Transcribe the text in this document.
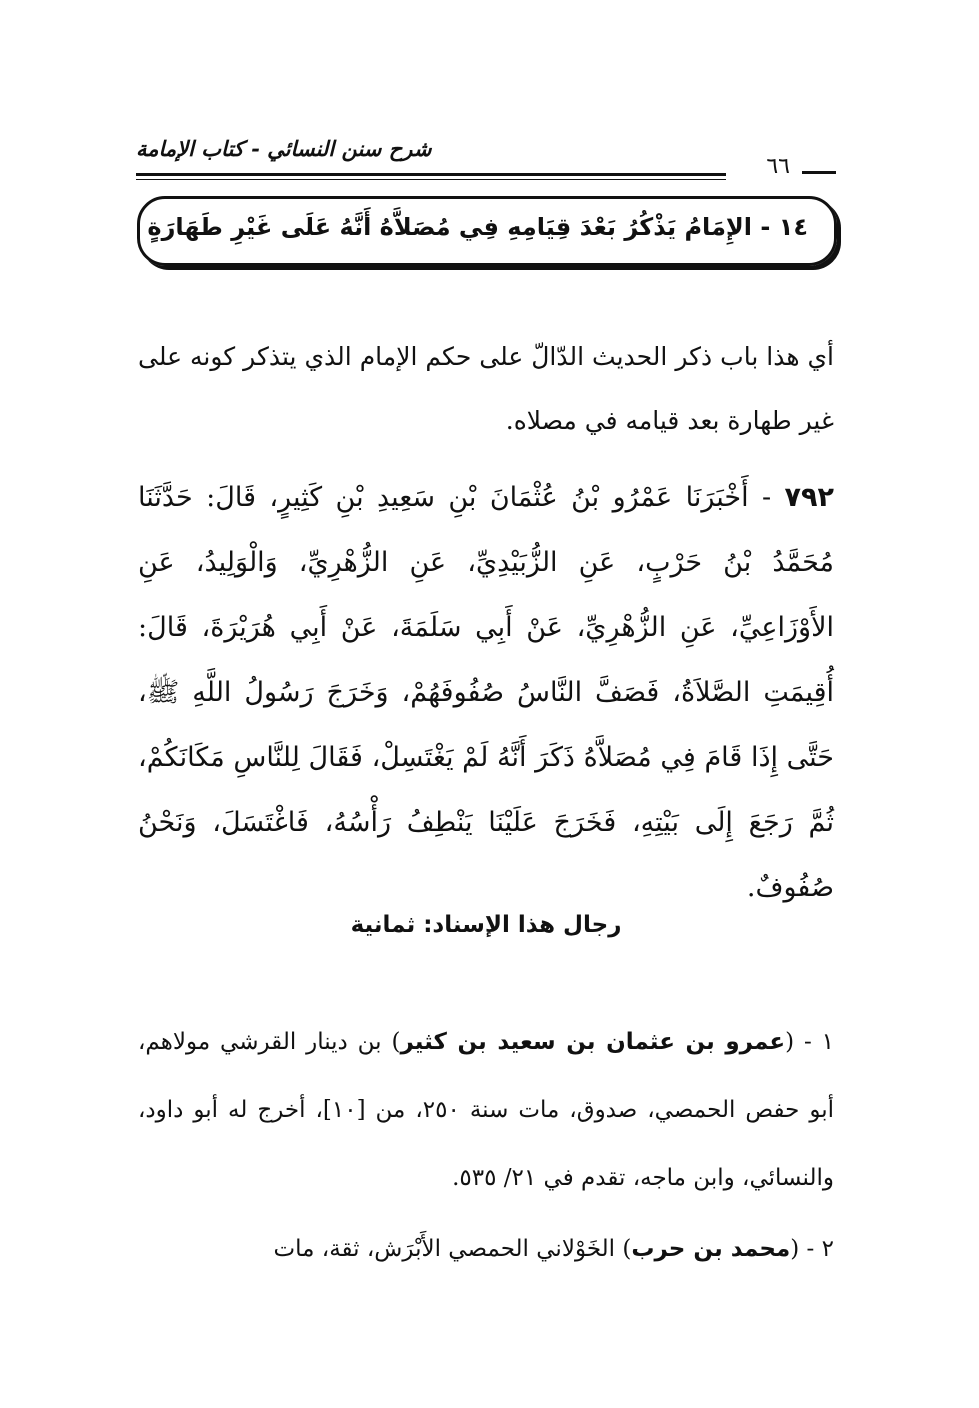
شرح سنن النسائي - كتاب الإمامة
٦٦
١٤ - الإِمَامُ يَذْكُرُ بَعْدَ قِيَامِهِ فِي مُصَلاَّهُ أَنَّهُ عَلَى غَيْرِ طَهَارَةٍ

أي هذا باب ذكر الحديث الدّالّ على حكم الإمام الذي يتذكر كونه على غير طهارة بعد قيامه في مصلاه.

٧٩٢ - أَخْبَرَنَا عَمْرُو بْنُ عُثْمَانَ بْنِ سَعِيدِ بْنِ كَثِيرٍ، قَالَ: حَدَّثَنَا مُحَمَّدُ بْنُ حَرْبٍ، عَنِ الزُّبَيْدِيِّ، عَنِ الزُّهْرِيِّ، وَالْوَلِيدُ، عَنِ الأَوْزَاعِيِّ، عَنِ الزُّهْرِيِّ، عَنْ أَبِي سَلَمَةَ، عَنْ أَبِي هُرَيْرَةَ، قَالَ: أُقِيمَتِ الصَّلاَةُ، فَصَفَّ النَّاسُ صُفُوفَهُمْ، وَخَرَجَ رَسُولُ اللَّهِ ﷺ، حَتَّى إِذَا قَامَ فِي مُصَلاَّهُ ذَكَرَ أَنَّهُ لَمْ يَغْتَسِلْ، فَقَالَ لِلنَّاسِ مَكَانَكُمْ، ثُمَّ رَجَعَ إِلَى بَيْتِهِ، فَخَرَجَ عَلَيْنَا يَنْطِفُ رَأْسُهُ، فَاغْتَسَلَ، وَنَحْنُ صُفُوفٌ.

رجال هذا الإسناد: ثمانية

١ - (عمرو بن عثمان بن سعيد بن كثير) بن دينار القرشي مولاهم، أبو حفص الحمصي، صدوق، مات سنة ٢٥٠، من [١٠]، أخرج له أبو داود، والنسائي، وابن ماجه، تقدم في ٢١/ ٥٣٥.

٢ - (محمد بن حرب) الخَوْلاني الحمصي الأَبْرَش، ثقة، مات
